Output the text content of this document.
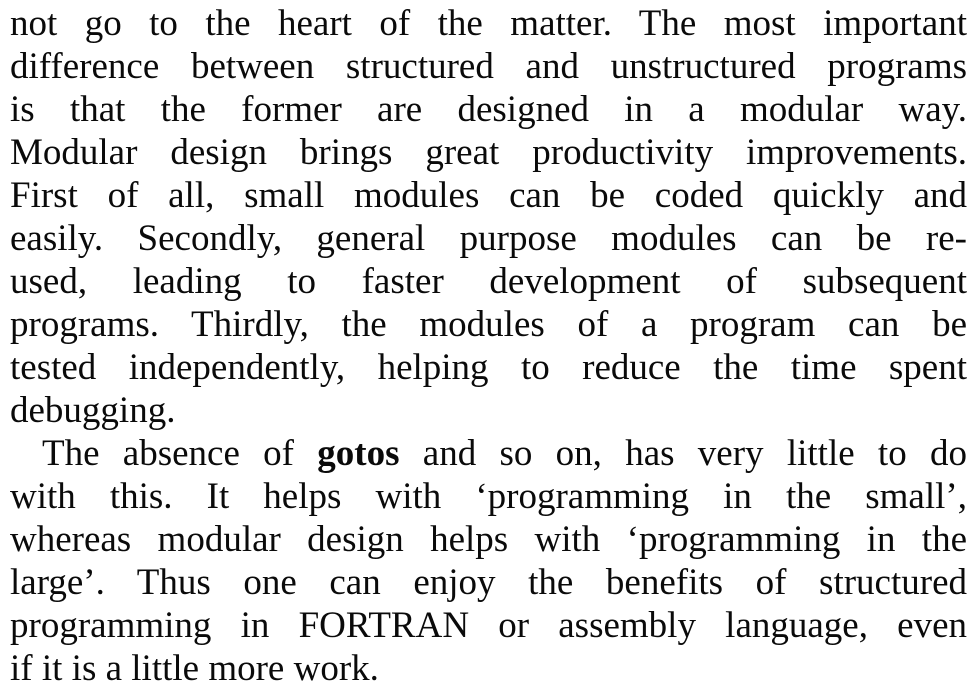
not go to the heart of the matter. The most important
difference between structured and unstructured programs
is that the former are designed in a modular way.
Modular design brings great productivity improvements.
First of all, small modules can be coded quickly and
easily. Secondly, general purpose modules can be re-
used, leading to faster development of subsequent
programs. Thirdly, the modules of a program can be
tested independently, helping to reduce the time spent
debugging.
The absence of gotos and so on, has very little to do
with this. It helps with ‘programming in the small’,
whereas modular design helps with ‘programming in the
large’. Thus one can enjoy the benefits of structured
programming in FORTRAN or assembly language, even
if it is a little more work.
